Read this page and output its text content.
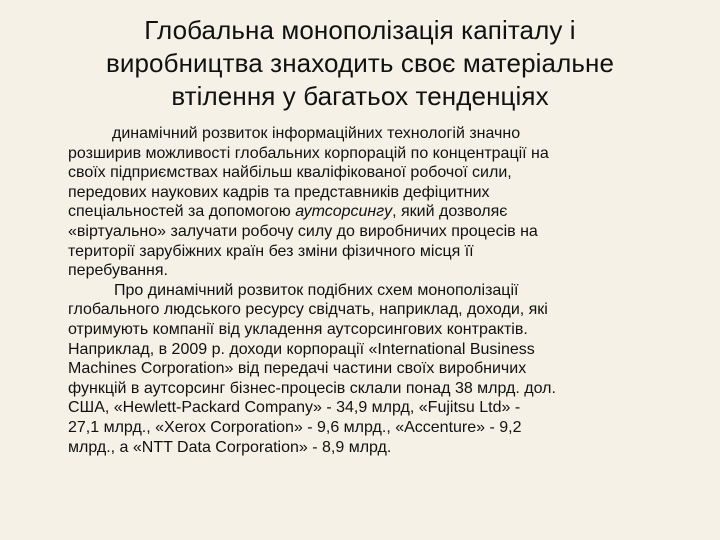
Глобальна монополізація капіталу і
виробництва знаходить своє матеріальне
втілення у багатьох тенденціях

динамічний розвиток інформаційних технологій значно
розширив можливості глобальних корпорацій по концентрації на
своїх підприємствах найбільш кваліфікованої робочої сили,
передових наукових кадрів та представників дефіцитних
спеціальностей за допомогою аутсорсингу, який дозволяє
«віртуально» залучати робочу силу до виробничих процесів на
території зарубіжних країн без зміни фізичного місця її
перебування.

Про динамічний розвиток подібних схем монополізації
глобального людського ресурсу свідчать, наприклад, доходи, які
отримують компанії від укладення аутсорсингових контрактів.
Наприклад, в 2009 р. доходи корпорації «International Business
Machines Corporation» від передачі частини своїх виробничих
функцій в аутсорсинг бізнес-процесів склали понад 38 млрд. дол.
США, «Hewlett-Packard Company» - 34,9 млрд, «Fujitsu Ltd» -
27,1 млрд., «Xerox Corporation» - 9,6 млрд., «Accenture» - 9,2
млрд., а «NTT Data Corporation» - 8,9 млрд.
